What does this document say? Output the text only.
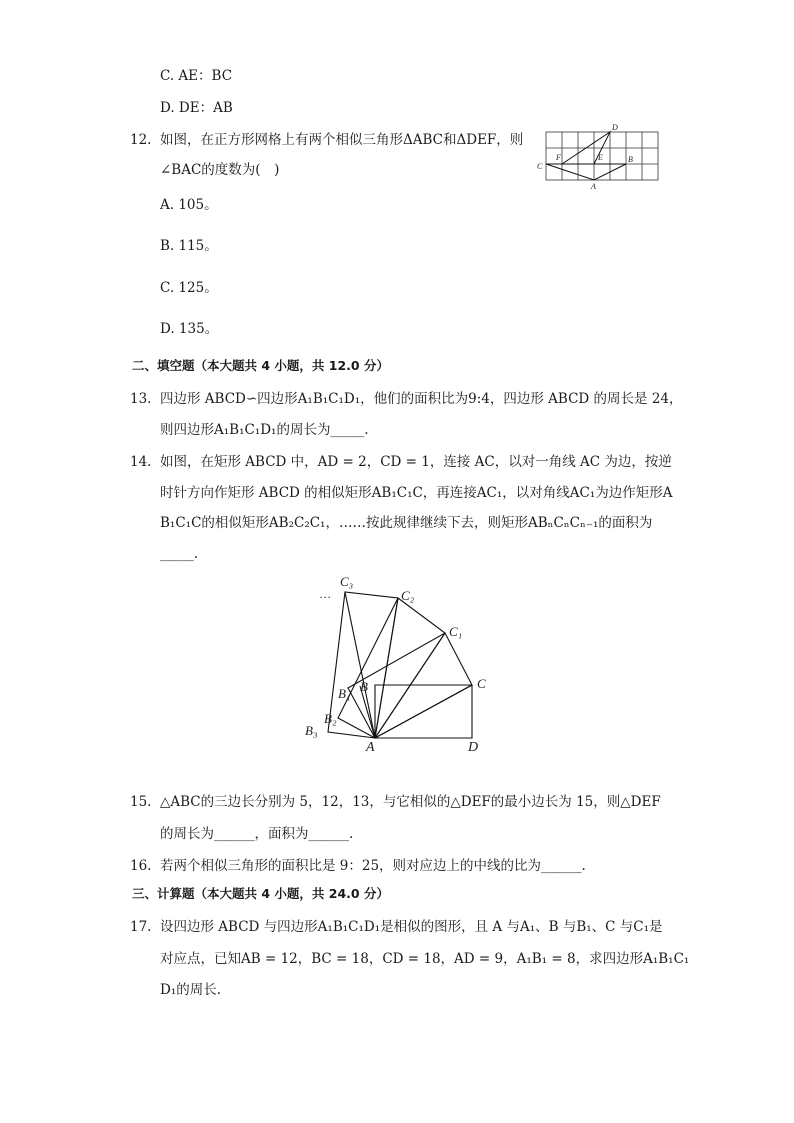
C. AE：BC
D. DE：AB
12. 如图，在正方形网格上有两个相似三角形ΔABC和ΔDEF，则
∠BAC的度数为(　)
A. 105。
B. 115。
C. 125。
D. 135。
D
F	E	B
C
A
二、填空题（本大题共 4 小题，共 12.0 分）
13. 四边形 ABCD∽四边形A₁B₁C₁D₁，他们的面积比为9:4，四边形 ABCD 的周长是 24，
则四边形A₁B₁C₁D₁的周长为_____.
14. 如图，在矩形 ABCD 中，AD = 2，CD = 1，连接 AC，以对一角线 AC 为边，按逆
时针方向作矩形 ABCD 的相似矩形AB₁C₁C，再连接AC₁，以对角线AC₁为边作矩形A
B₁C₁C的相似矩形AB₂C₂C₁，……按此规律继续下去，则矩形ABₙCₙCₙ₋₁的面积为
_____.
…
C₃
C₂
C₁
C
B
B₁
B₂
B₃
A	D
15. △ABC的三边长分别为 5，12，13，与它相似的△DEF的最小边长为 15，则△DEF
的周长为______，面积为______.
16. 若两个相似三角形的面积比是 9：25，则对应边上的中线的比为______.
三、计算题（本大题共 4 小题，共 24.0 分）
17. 设四边形 ABCD 与四边形A₁B₁C₁D₁是相似的图形，且 A 与A₁、B 与B₁、C 与C₁是
对应点，已知AB = 12，BC = 18，CD = 18，AD = 9，A₁B₁ = 8，求四边形A₁B₁C₁
D₁的周长.
